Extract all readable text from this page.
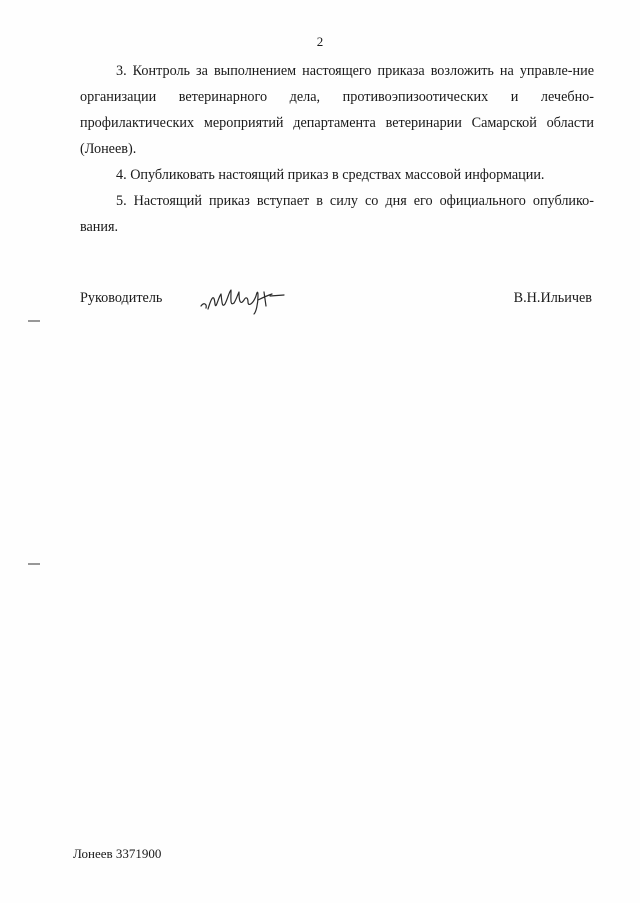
2

3. Контроль за выполнением настоящего приказа возложить на управле-ние организации ветеринарного дела, противоэпизоотических и лечебно-профилактических мероприятий департамента ветеринарии Самарской области (Лонеев).

4. Опубликовать настоящий приказ в средствах массовой информации.

5. Настоящий приказ вступает в силу со дня его официального опублико-вания.

Руководитель	В.Н.Ильичев
Лонеев 3371900
